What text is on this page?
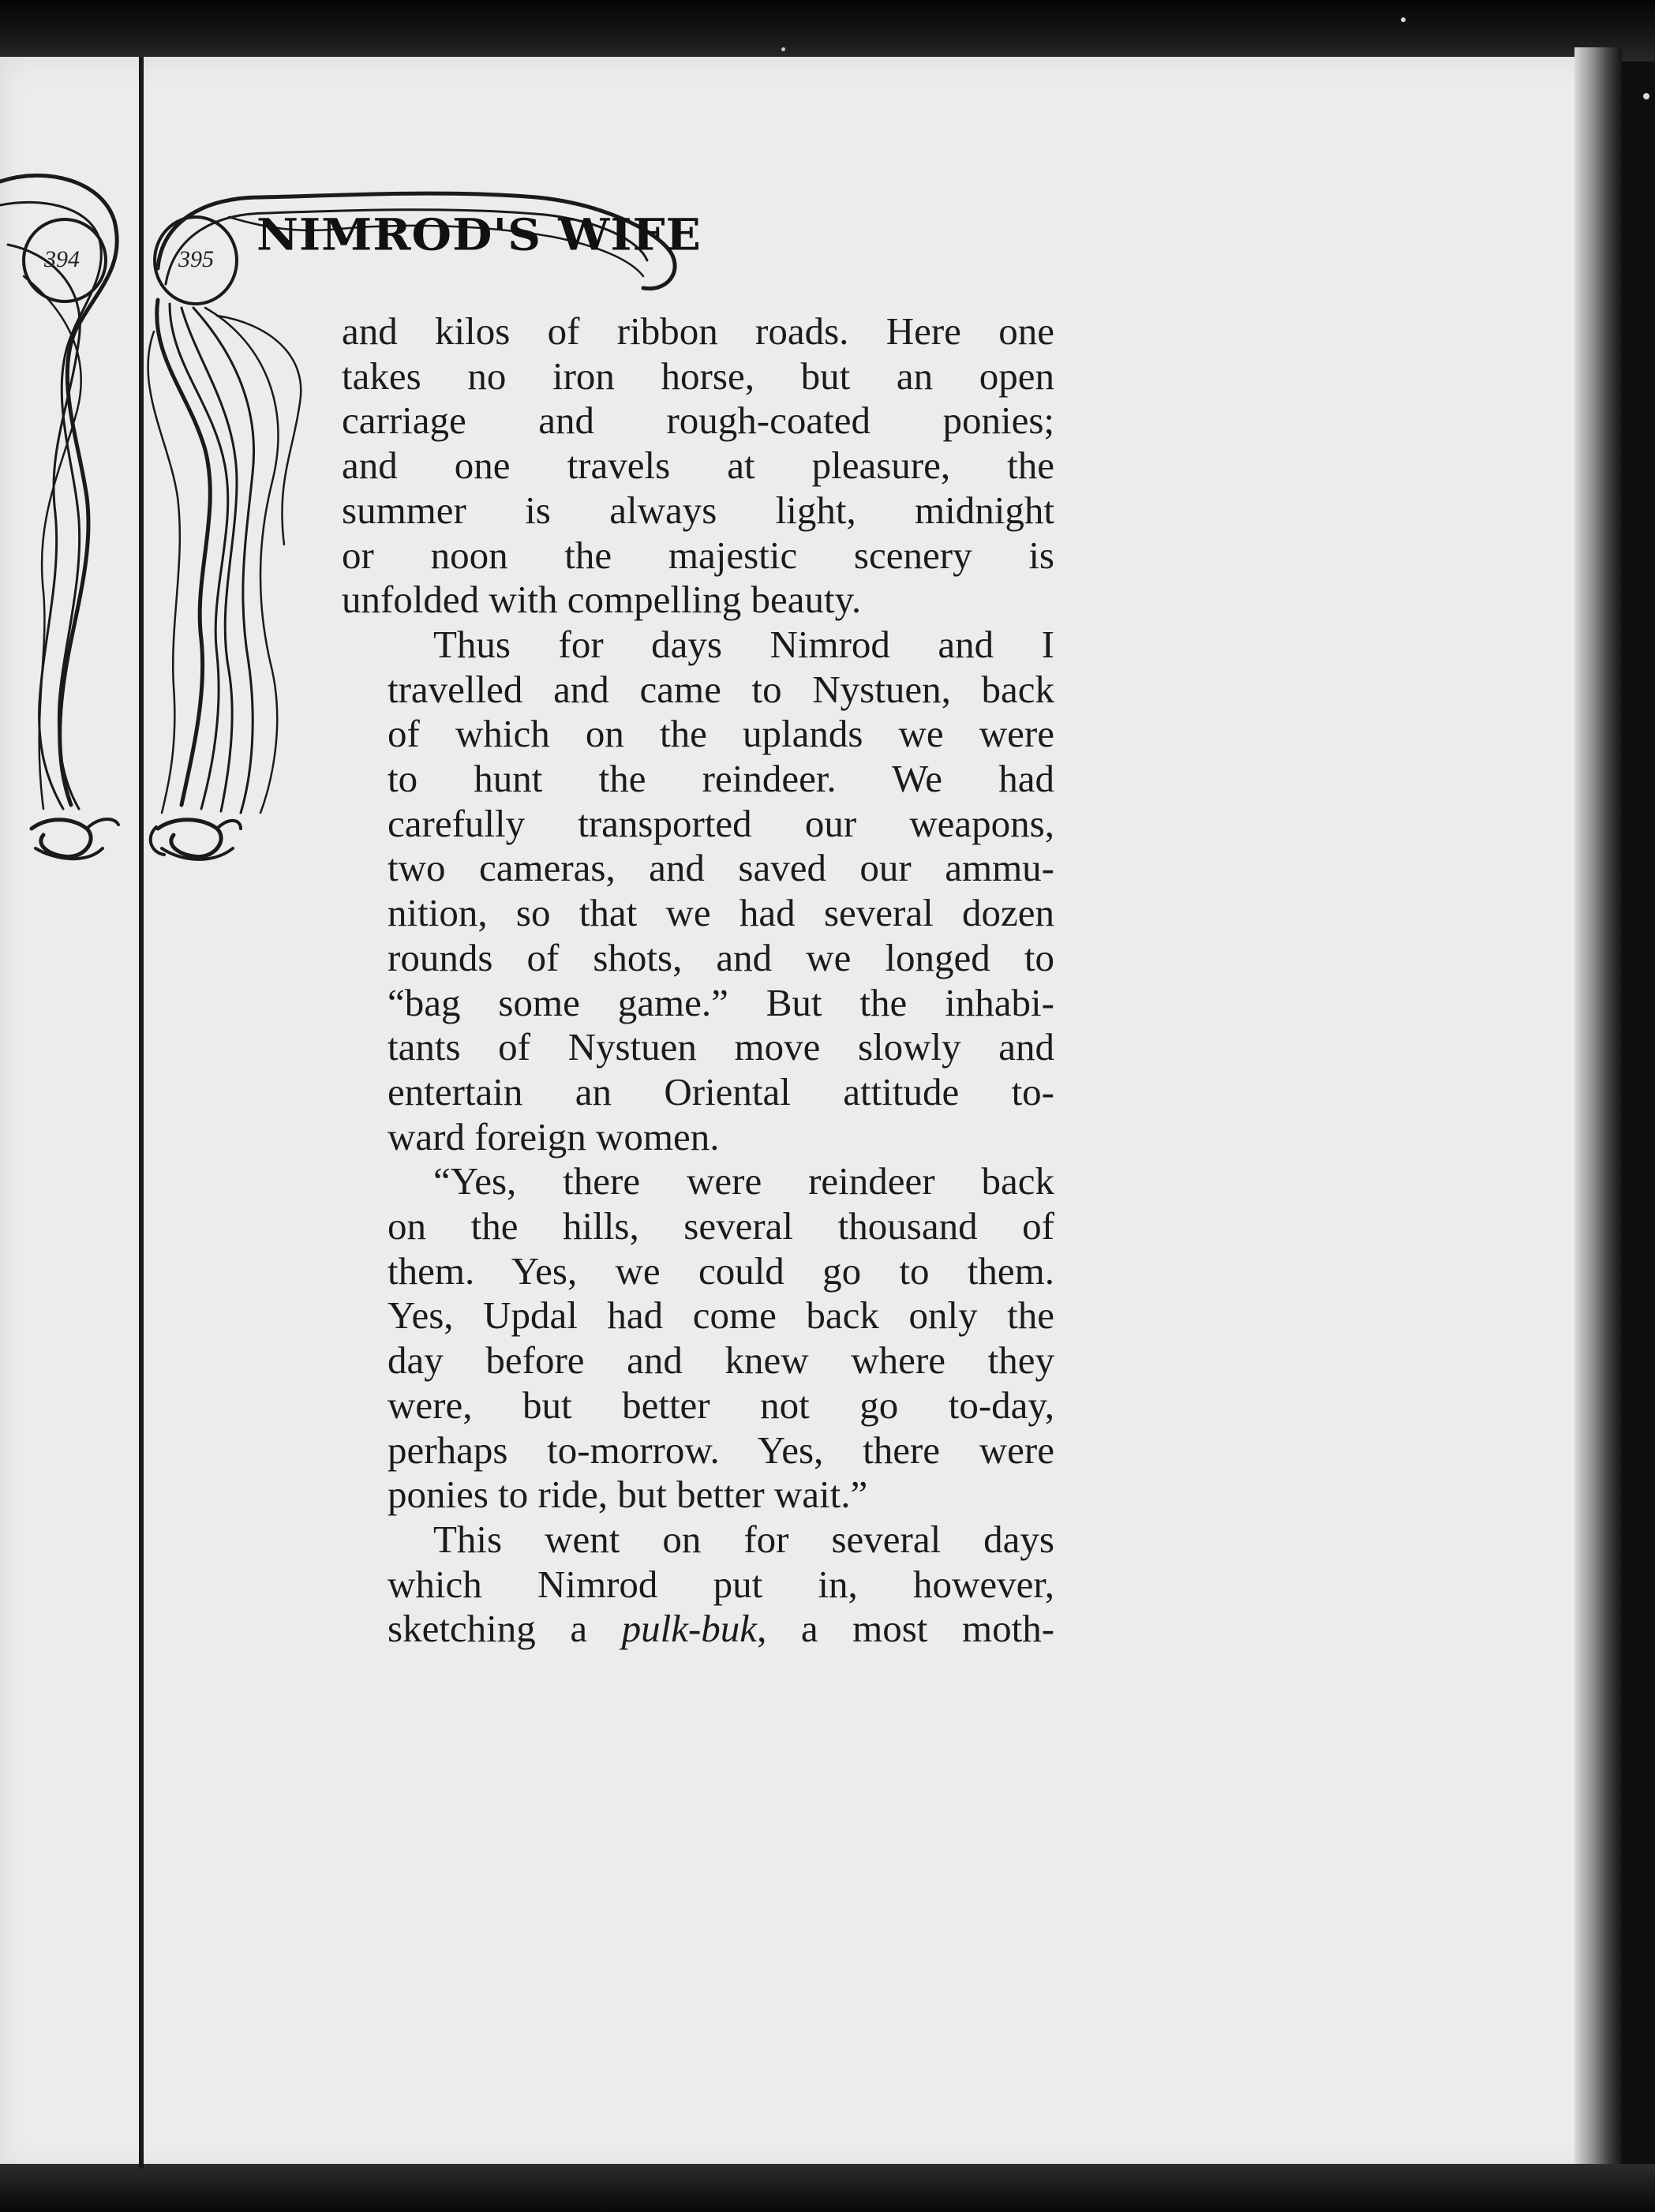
394	395 NIMROD'S WIFE
and kilos of ribbon roads. Here one
takes no iron horse, but an open
carriage and rough-coated ponies;
and one travels at pleasure, the
summer is always light, midnight
or noon the majestic scenery is
unfolded with compelling beauty.
Thus for days Nimrod and I
travelled and came to Nystuen, back
of which on the uplands we were
to hunt the reindeer. We had
carefully transported our weapons,
two cameras, and saved our ammu-
nition, so that we had several dozen
rounds of shots, and we longed to
“bag some game.” But the inhabi-
tants of Nystuen move slowly and
entertain an Oriental attitude to-
ward foreign women.
“Yes, there were reindeer back
on the hills, several thousand of
them. Yes, we could go to them.
Yes, Updal had come back only the
day before and knew where they
were, but better not go to-day,
perhaps to-morrow. Yes, there were
ponies to ride, but better wait.”
This went on for several days
which Nimrod put in, however,
sketching a pulk-buk, a most moth-
